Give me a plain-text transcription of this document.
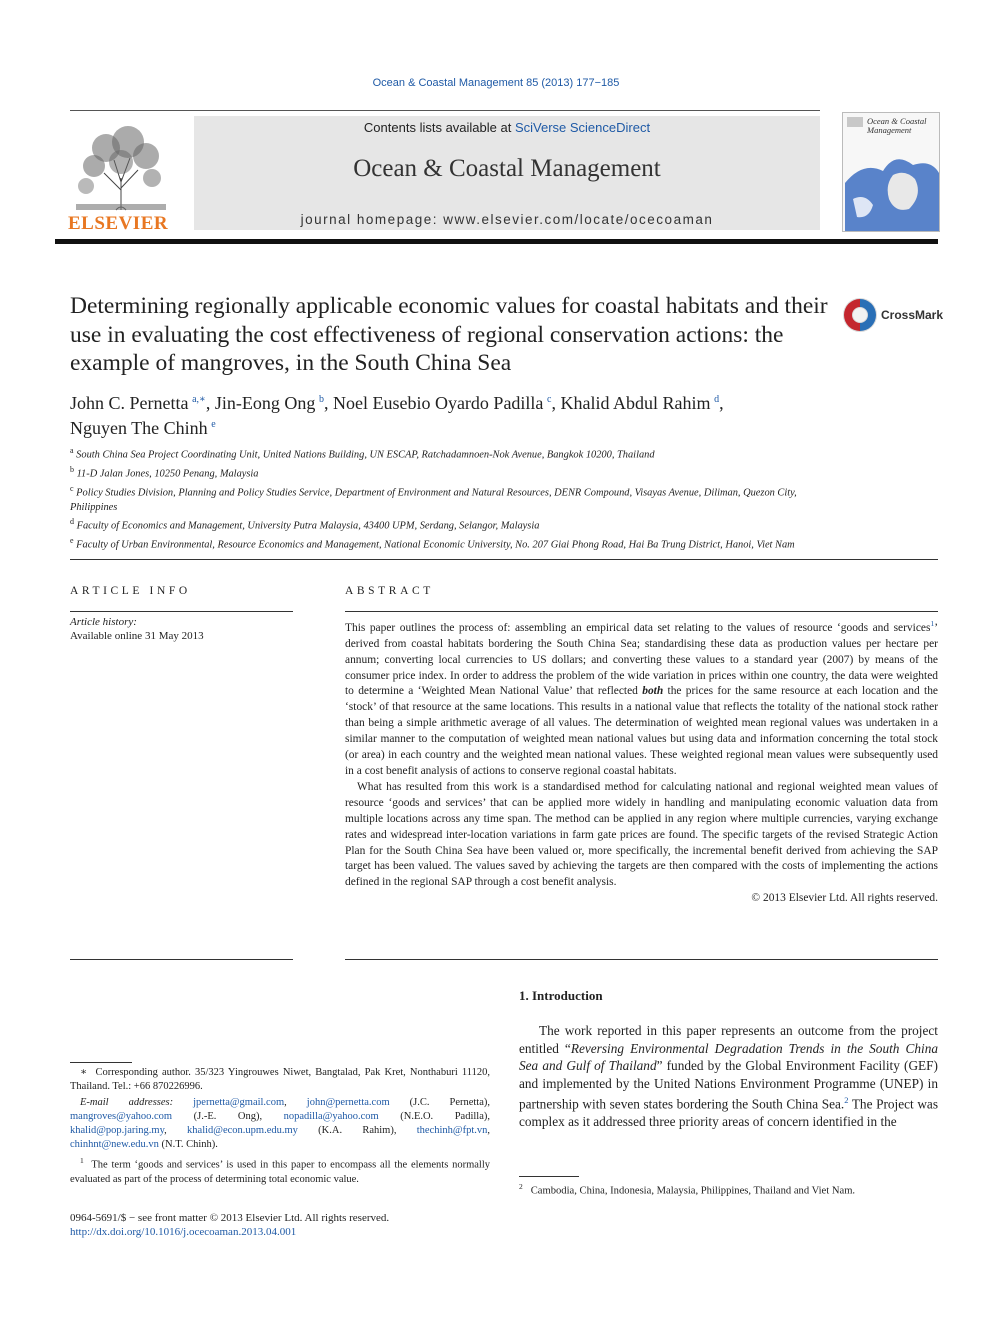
Ocean & Coastal Management 85 (2013) 177−185
ELSEVIER
Contents lists available at SciVerse ScienceDirect
Ocean & Coastal Management
journal homepage: www.elsevier.com/locate/ocecoaman
Ocean & Coastal Management
Determining regionally applicable economic values for coastal habitats and their use in evaluating the cost effectiveness of regional conservation actions: the example of mangroves, in the South China Sea
CrossMark
John C. Pernetta  $^{a,∗}$, Jin-Eong Ong  $^b$, Noel Eusebio Oyardo Padilla  $^c$, Khalid Abdul Rahim  $^d$,
Nguyen The Chinh  $^e$
$^a$ South China Sea Project Coordinating Unit, United Nations Building, UN ESCAP, Ratchadamnoen-Nok Avenue, Bangkok 10200, Thailand
$^b$ 11-D Jalan Jones, 10250 Penang, Malaysia
$^c$ Policy Studies Division, Planning and Policy Studies Service, Department of Environment and Natural Resources, DENR Compound, Visayas Avenue, Diliman, Quezon City, Philippines
$^d$ Faculty of Economics and Management, University Putra Malaysia, 43400 UPM, Serdang, Selangor, Malaysia
$^e$ Faculty of Urban Environmental, Resource Economics and Management, National Economic University, No. 207 Giai Phong Road, Hai Ba Trung District, Hanoi, Viet Nam
ARTICLE INFO	ABSTRACT
Article history:
Available online 31 May 2013

This paper outlines the process of: assembling an empirical data set relating to the values of resource ‘goods and services$^1$’ derived from coastal habitats bordering the South China Sea; standardising these data as production values per hectare per annum; converting local currencies to US dollars; and converting these values to a standard year (2007) by means of the consumer price index. In order to address the problem of the wide variation in prices within one country, the data were weighted to determine a ‘Weighted Mean National Value’ that reflected both the prices for the same resource at each location and the ‘stock’ of that resource at the same locations. This results in a national value that reflects the totality of the national stock rather than being a simple arithmetic average of all values. The determination of weighted mean regional values was undertaken in a similar manner to the computation of weighted mean national values but using data and information concerning the total stock (or area) in each country and the weighted mean national values. These weighted regional mean values were subsequently used in a cost benefit analysis of actions to conserve regional coastal habitats.

What has resulted from this work is a standardised method for calculating national and regional weighted mean values of resource ‘goods and services’ that can be applied more widely in handling and manipulating economic valuation data from multiple locations across any time span. The method can be applied in any region where multiple currencies, varying exchange rates and widespread inter-location variations in farm gate prices are found. The specific targets of the revised Strategic Action Plan for the South China Sea have been valued or, more specifically, the incremental benefit derived from achieving the SAP target has been valued. The values saved by achieving the targets are then compared with the costs of implementing the actions defined in the regional SAP through a cost benefit analysis.

© 2013 Elsevier Ltd. All rights reserved.
1. Introduction

The work reported in this paper represents an outcome from the project entitled “Reversing Environmental Degradation Trends in the South China Sea and Gulf of Thailand” funded by the Global Environment Facility (GEF) and implemented by the United Nations Environment Programme (UNEP) in partnership with seven states bordering the South China Sea.$^2$ The Project was complex as it addressed three priority areas of concern identified in the

$^2$ Cambodia, China, Indonesia, Malaysia, Philippines, Thailand and Viet Nam.

∗ Corresponding author. 35/323 Yingrouwes Niwet, Bangtalad, Pak Kret, Nonthaburi 11120, Thailand. Tel.: +66 870226996.

E-mail addresses: jpernetta@gmail.com, john@pernetta.com (J.C. Pernetta), mangroves@yahoo.com (J.-E. Ong), nopadilla@yahoo.com (N.E.O. Padilla), khalid@pop.jaring.my, khalid@econ.upm.edu.my (K.A. Rahim), thechinh@fpt.vn, chinhnt@new.edu.vn (N.T. Chinh).

$^1$ The term ‘goods and services’ is used in this paper to encompass all the elements normally evaluated as part of the process of determining total economic value.

0964-5691/$ − see front matter © 2013 Elsevier Ltd. All rights reserved.
http://dx.doi.org/10.1016/j.ocecoaman.2013.04.001
